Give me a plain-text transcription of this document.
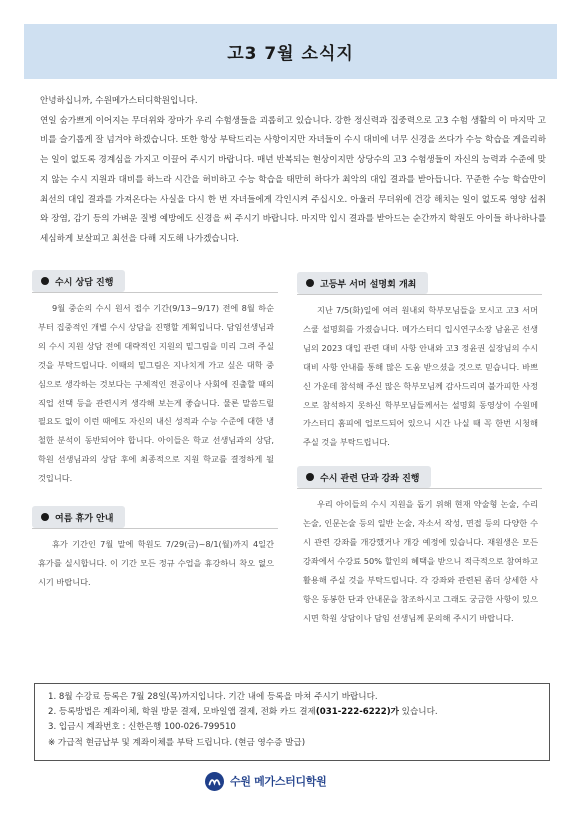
고3 7월 소식지
안녕하십니까, 수원메가스터디학원입니다.
연일 숨가쁘게 이어지는 무더위와 장마가 우리 수험생들을 괴롭히고 있습니다. 강한 정신력과 집중력으로 고3 수험 생활의 이 마지막 고비를 슬기롭게 잘 넘겨야 하겠습니다. 또한 항상 부탁드리는 사항이지만 자녀들이 수시 대비에 너무 신경을 쓰다가 수능 학습을 게을리하는 일이 없도록 경계심을 가지고 이끌어 주시기 바랍니다. 매년 반복되는 현상이지만 상당수의 고3 수험생들이 자신의 능력과 수준에 맞지 않는 수시 지원과 대비를 하느라 시간을 허비하고 수능 학습을 태만히 하다가 최악의 대입 결과를 받아듭니다. 꾸준한 수능 학습만이 최선의 대입 결과를 가져온다는 사실을 다시 한 번 자녀들에게 각인시켜 주십시오. 아울러 무더위에 건강 해치는 일이 없도록 영양 섭취와 장염, 감기 등의 가벼운 질병 예방에도 신경을 써 주시기 바랍니다. 마지막 입시 결과를 받아드는 순간까지 학원도 아이들 하나하나를 세심하게 보살피고 최선을 다해 지도해 나가겠습니다.
수시 상담 진행
9월 중순의 수시 원서 접수 기간(9/13~9/17) 전에 8월 하순부터 집중적인 개별 수시 상담을 진행할 계획입니다. 담임선생님과의 수시 지원 상담 전에 대략적인 지원의 밑그림을 미리 그려 주실 것을 부탁드립니다. 이때의 밑그림은 지나치게 가고 싶은 대학 중심으로 생각하는 것보다는 구체적인 전공이나 사회에 진출할 때의 직업 선택 등을 관련시켜 생각해 보는게 좋습니다. 물론 말씀드릴 필요도 없이 이런 때에도 자신의 내신 성적과 수능 수준에 대한 냉철한 분석이 동반되어야 합니다. 아이들은 학교 선생님과의 상담, 학원 선생님과의 상담 후에 최종적으로 지원 학교를 결정하게 될 것입니다.
여름 휴가 안내
휴가 기간인 7월 말에 학원도 7/29(금)~8/1(월)까지 4일간 휴가를 실시합니다. 이 기간 모든 정규 수업을 휴강하니 착오 없으시기 바랍니다.
고등부 서머 설명회 개최
지난 7/5(화)일에 여러 원내외 학부모님들을 모시고 고3 서머스쿨 설명회를 가졌습니다. 메가스터디 입시연구소장 남윤곤 선생님의 2023 대입 관련 대비 사항 안내와 고3 정윤권 실장님의 수시 대비 사항 안내를 통해 많은 도움 받으셨을 것으로 믿습니다. 바쁘신 가운데 참석해 주신 많은 학부모님께 감사드리며 불가피한 사정으로 참석하지 못하신 학부모님들께서는 설명회 동영상이 수원메가스터디 홈피에 업로드되어 있으니 시간 나실 때 꼭 한번 시청해 주실 것을 부탁드립니다.
수시 관련 단과 강좌 진행
우리 아이들의 수시 지원을 돕기 위해 현재 약술형 논술, 수리논술, 인문논술 등의 일반 논술, 자소서 작성, 면접 등의 다양한 수시 관련 강좌를 개강했거나 개강 예정에 있습니다. 재원생은 모든 강좌에서 수강료 50% 할인의 혜택을 받으니 적극적으로 참여하고 활용해 주실 것을 부탁드립니다. 각 강좌와 관련된 좀더 상세한 사항은 동봉한 단과 안내문을 참조하시고 그래도 궁금한 사항이 있으시면 학원 상담이나 담임 선생님께 문의해 주시기 바랍니다.

1. 8월 수강료 등록은 7월 28일(목)까지입니다. 기간 내에 등록을 마쳐 주시기 바랍니다.

2. 등록방법은 계좌이체, 학원 방문 결제, 모바일앱 결제, 전화 카드 결제(031-222-6222)가 있습니다.

3. 입금시 계좌번호 : 신한은행 100-026-799510

※ 가급적 현금납부 및 계좌이체를 부탁 드립니다. (현금 영수증 발급)

수원 메가스터디학원
